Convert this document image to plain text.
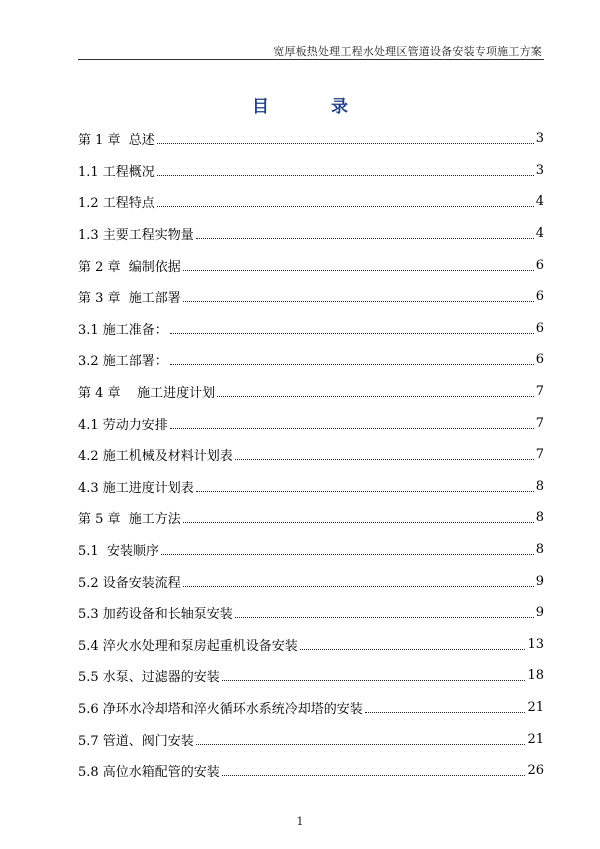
宽厚板热处理工程水处理区管道设备安装专项施工方案
目 录
第 1 章  总述	3
1.1 工程概况	3
1.2 工程特点	4
1.3 主要工程实物量	4
第 2 章  编制依据	6
第 3 章  施工部署	6
3.1 施工准备：	6
3.2 施工部署：	6
第 4 章    施工进度计划	7
4.1 劳动力安排	7
4.2 施工机械及材料计划表	7
4.3 施工进度计划表	8
第 5 章  施工方法	8
5.1  安装顺序	8
5.2 设备安装流程	9
5.3 加药设备和长轴泵安装	9
5.4 淬火水处理和泵房起重机设备安装	13
5.5 水泵、过滤器的安装	18
5.6 净环水冷却塔和淬火循环水系统冷却塔的安装	21
5.7 管道、阀门安装	21
5.8 高位水箱配管的安装	26
1
